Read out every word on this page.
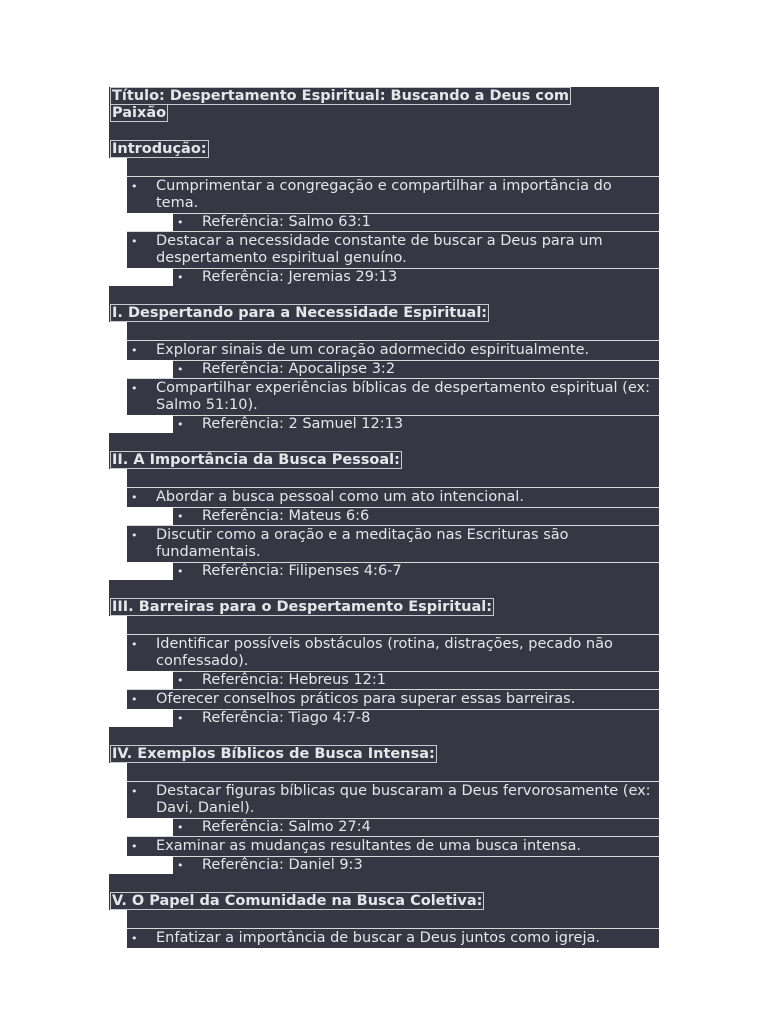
Título: Despertamento Espiritual: Buscando a Deus com
Paixão
Introdução:
• Cumprimentar a congregação e compartilhar a importância do tema.
• Referência: Salmo 63:1
• Destacar a necessidade constante de buscar a Deus para um despertamento espiritual genuíno.
• Referência: Jeremias 29:13
I. Despertando para a Necessidade Espiritual:
• Explorar sinais de um coração adormecido espiritualmente.
• Referência: Apocalipse 3:2
• Compartilhar experiências bíblicas de despertamento espiritual (ex: Salmo 51:10).
• Referência: 2 Samuel 12:13
II. A Importância da Busca Pessoal:
• Abordar a busca pessoal como um ato intencional.
• Referência: Mateus 6:6
• Discutir como a oração e a meditação nas Escrituras são fundamentais.
• Referência: Filipenses 4:6-7
III. Barreiras para o Despertamento Espiritual:
• Identificar possíveis obstáculos (rotina, distrações, pecado não confessado).
• Referência: Hebreus 12:1
• Oferecer conselhos práticos para superar essas barreiras.
• Referência: Tiago 4:7-8
IV. Exemplos Bíblicos de Busca Intensa:
• Destacar figuras bíblicas que buscaram a Deus fervorosamente (ex: Davi, Daniel).
• Referência: Salmo 27:4
• Examinar as mudanças resultantes de uma busca intensa.
• Referência: Daniel 9:3
V. O Papel da Comunidade na Busca Coletiva:
• Enfatizar a importância de buscar a Deus juntos como igreja.
